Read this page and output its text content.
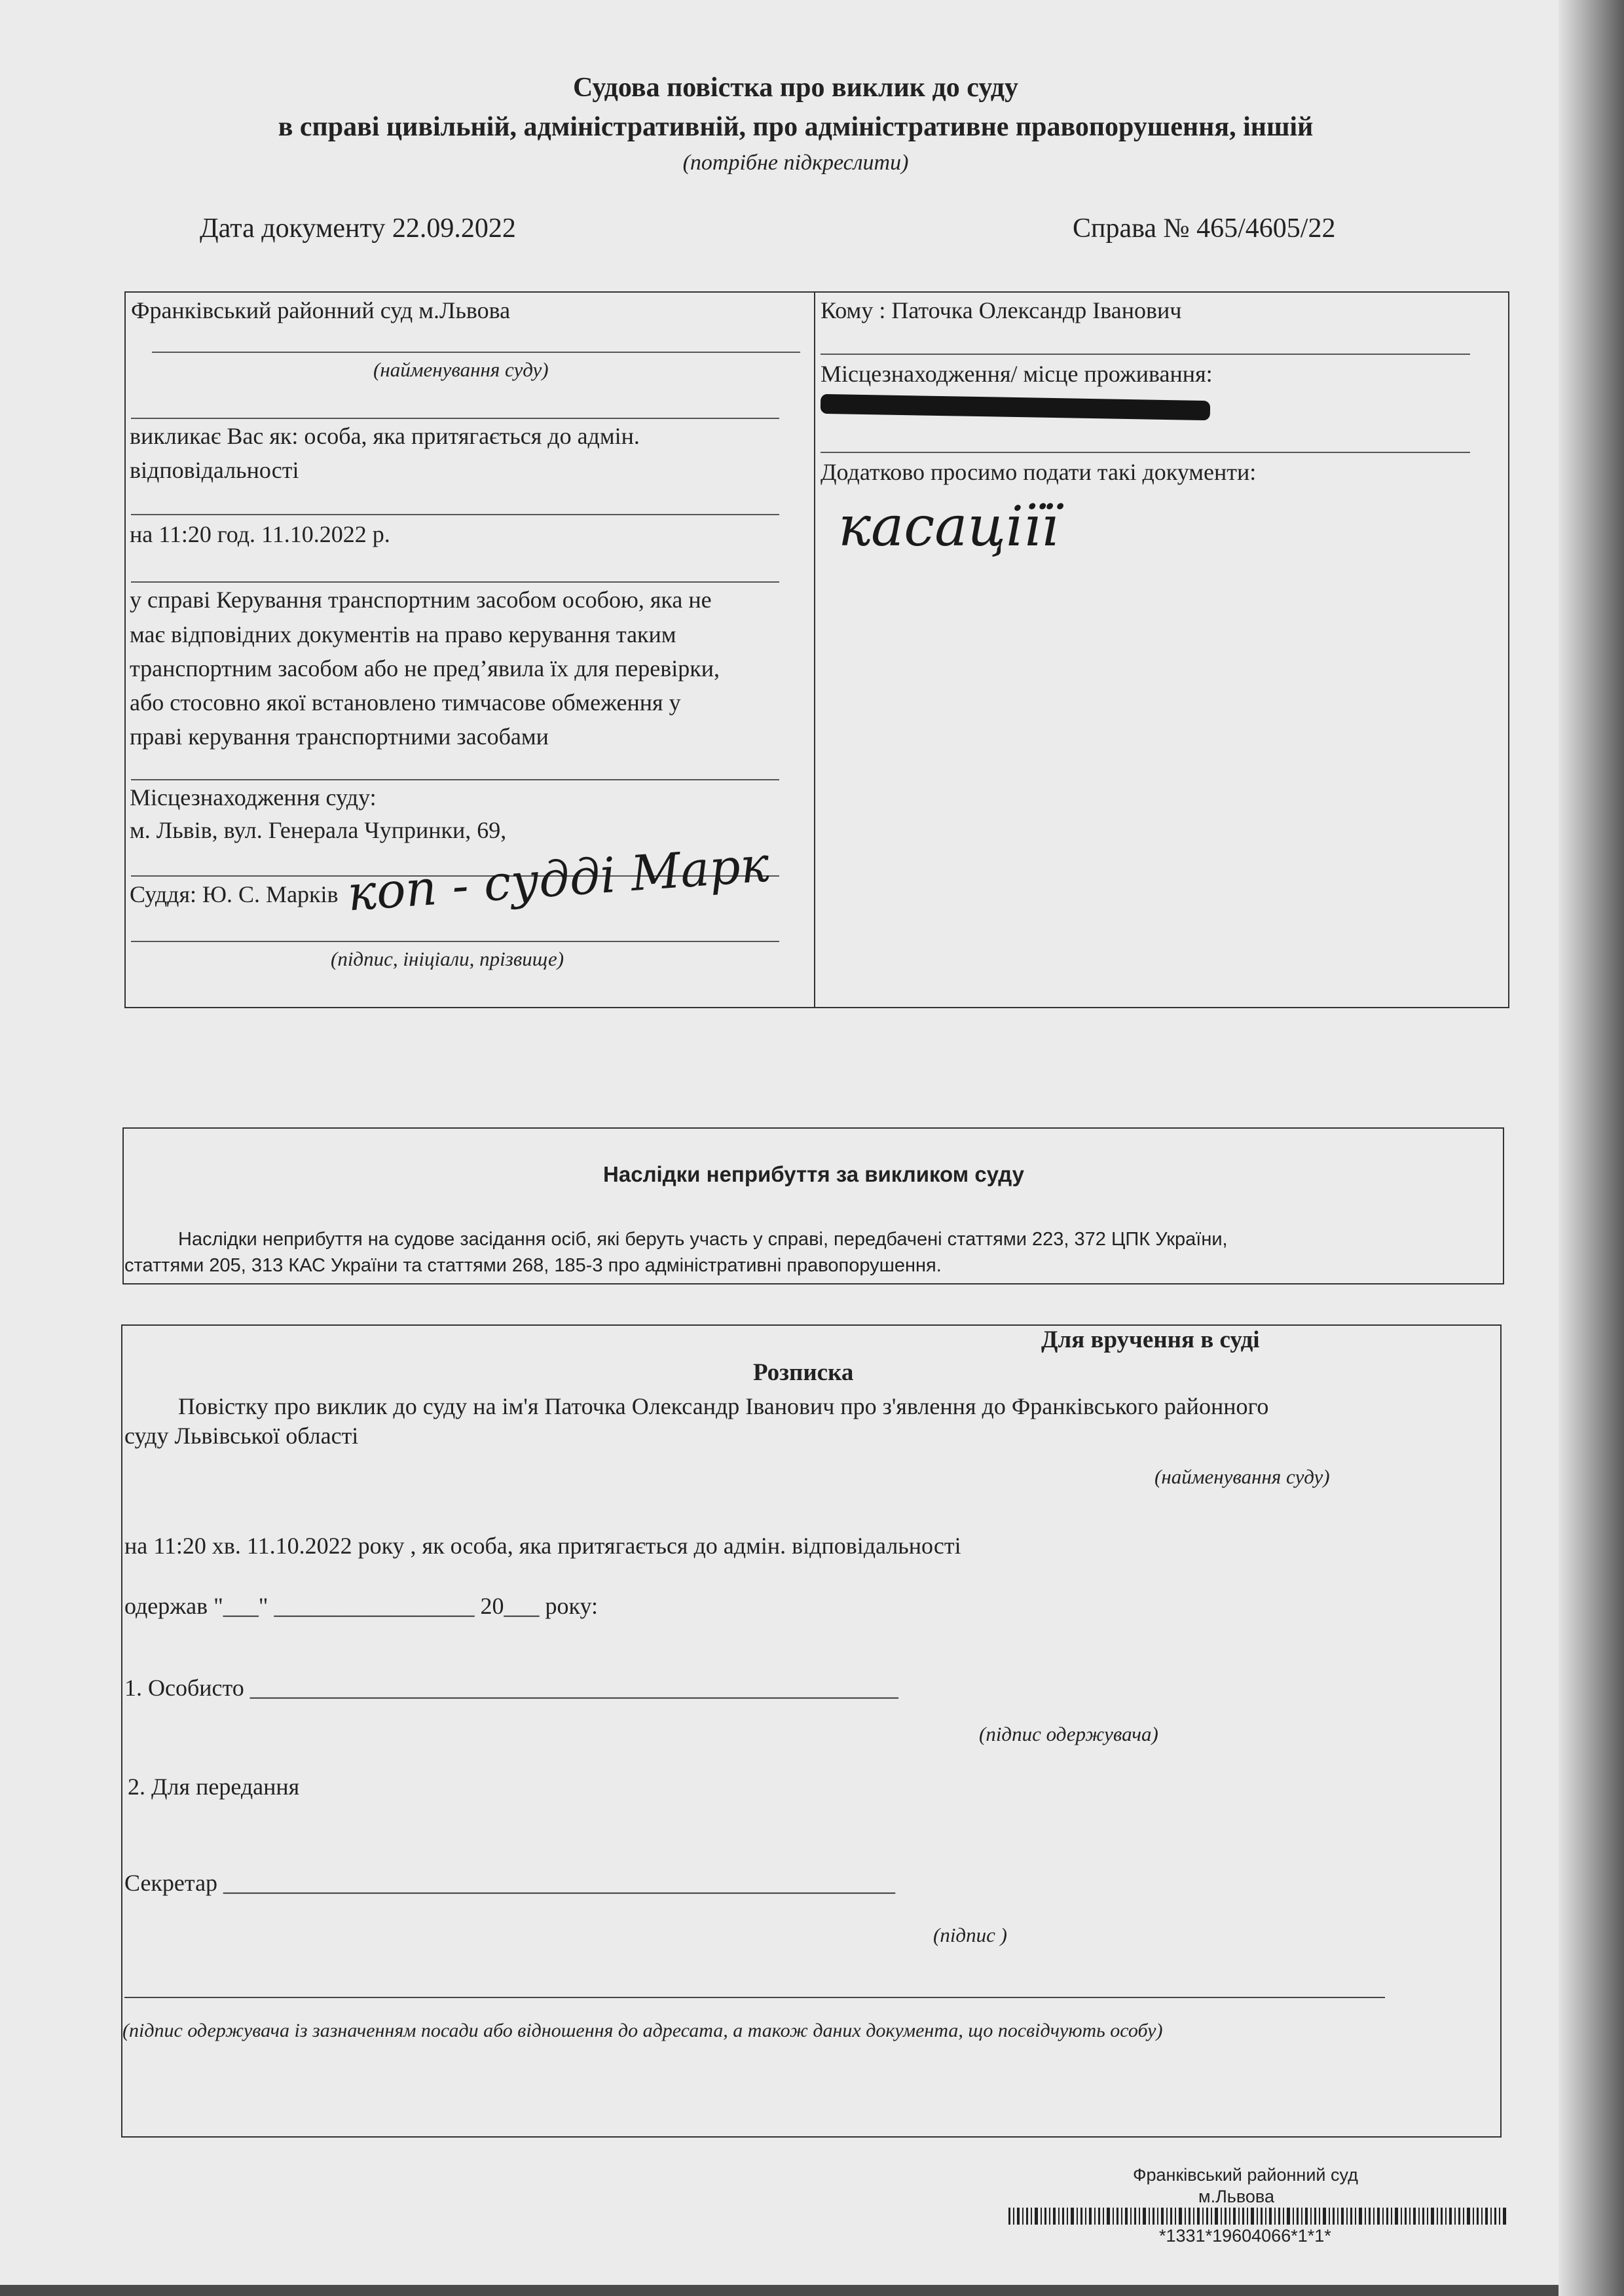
Судова повістка про виклик до суду
в справі цивільній, адміністративній, про адміністративне правопорушення, іншій
(потрібне підкреслити)
Дата документу 22.09.2022	Справа № 465/4605/22
Франківський районний суд м.Львова
(найменування суду)
викликає Вас як: особа, яка притягається до адмін.
відповідальності
на 11:20 год. 11.10.2022 р.
у справі Керування транспортним засобом особою, яка не
має відповідних документів на право керування таким
транспортним засобом або не пред’явила їх для перевірки,
або стосовно якої встановлено тимчасове обмеження у
праві керування транспортними засобами
Місцезнаходження суду:
м. Львів, вул. Генерала Чупринки, 69,
Суддя: Ю. С. Марків коп - судді Марк
(підпис, ініціали, прізвище)
Кому : Паточка Олександр Іванович
Місцезнаходження/ місце проживання:
Додатково просимо подати такі документи:
касаціїї
Наслідки неприбуття за викликом суду
Наслідки неприбуття на судове засідання осіб, які беруть участь у справі, передбачені статтями 223, 372 ЦПК України,
статтями 205, 313 КАС України та статтями 268, 185-3 про адміністративні правопорушення.
Для вручення в суді
Розписка
Повістку про виклик до суду на ім'я Паточка Олександр Іванович про з'явлення до Франківського районного
суду Львівської області
(найменування суду)
на 11:20 хв. 11.10.2022 року , як особа, яка притягається до адмін. відповідальності
одержав "___" _________________ 20___ року:
1. Особисто _______________________________________________________
(підпис одержувача)
2. Для передання
Секретар _________________________________________________________
(підпис )
(підпис одержувача із зазначенням посади або відношення до адресата, а також даних документа, що посвідчують особу)
Франківський районний суд
м.Львова
*1331*19604066*1*1*
